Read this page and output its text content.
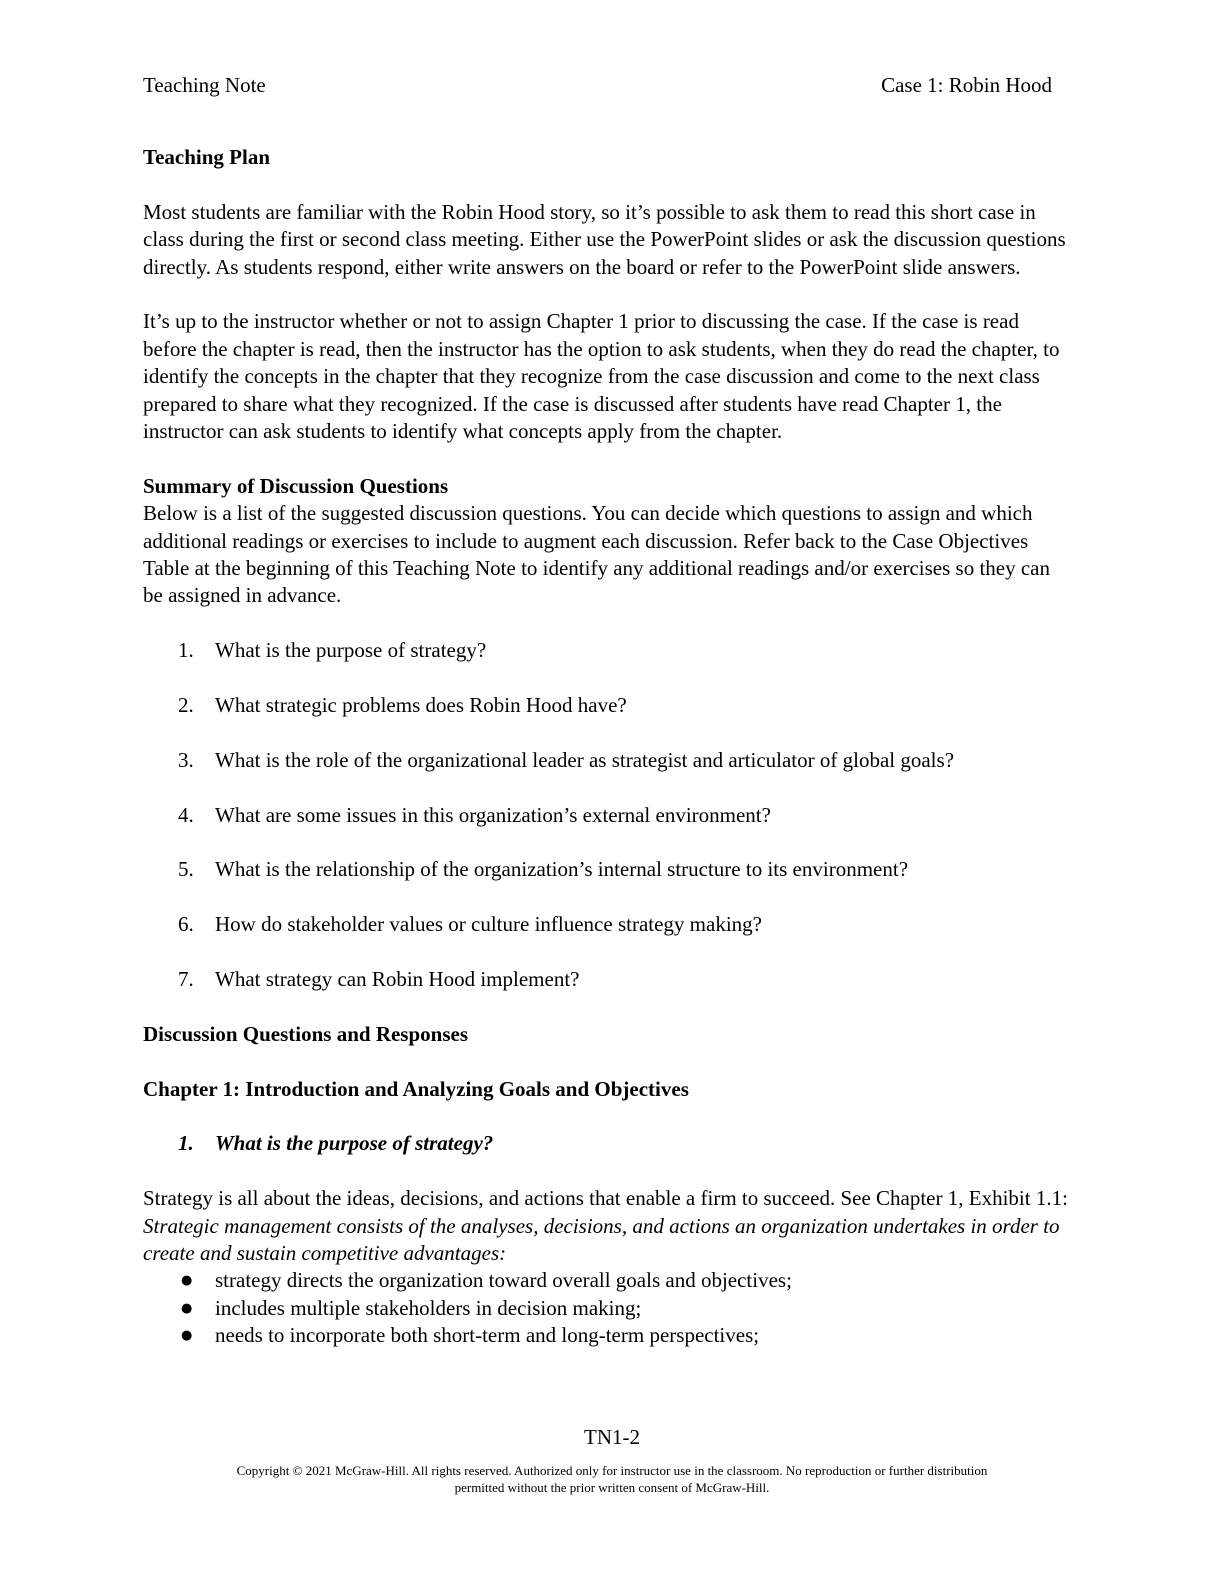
Teaching Note	Case 1: Robin Hood

Teaching Plan

Most students are familiar with the Robin Hood story, so it’s possible to ask them to read this short case in class during the first or second class meeting. Either use the PowerPoint slides or ask the discussion questions directly. As students respond, either write answers on the board or refer to the PowerPoint slide answers.

It’s up to the instructor whether or not to assign Chapter 1 prior to discussing the case. If the case is read before the chapter is read, then the instructor has the option to ask students, when they do read the chapter, to identify the concepts in the chapter that they recognize from the case discussion and come to the next class prepared to share what they recognized. If the case is discussed after students have read Chapter 1, the instructor can ask students to identify what concepts apply from the chapter.

Summary of Discussion Questions

Below is a list of the suggested discussion questions. You can decide which questions to assign and which additional readings or exercises to include to augment each discussion. Refer back to the Case Objectives Table at the beginning of this Teaching Note to identify any additional readings and/or exercises so they can be assigned in advance.

1.	What is the purpose of strategy?
2.	What strategic problems does Robin Hood have?
3.	What is the role of the organizational leader as strategist and articulator of global goals?
4.	What are some issues in this organization’s external environment?
5.	What is the relationship of the organization’s internal structure to its environment?
6.	How do stakeholder values or culture influence strategy making?
7.	What strategy can Robin Hood implement?

Discussion Questions and Responses

Chapter 1: Introduction and Analyzing Goals and Objectives

1.	What is the purpose of strategy?

Strategy is all about the ideas, decisions, and actions that enable a firm to succeed. See Chapter 1, Exhibit 1.1: Strategic management consists of the analyses, decisions, and actions an organization undertakes in order to create and sustain competitive advantages:

●	strategy directs the organization toward overall goals and objectives;
●	includes multiple stakeholders in decision making;
●	needs to incorporate both short-term and long-term perspectives;
TN1-2
Copyright © 2021 McGraw-Hill. All rights reserved. Authorized only for instructor use in the classroom. No reproduction or further distribution
permitted without the prior written consent of McGraw-Hill.
